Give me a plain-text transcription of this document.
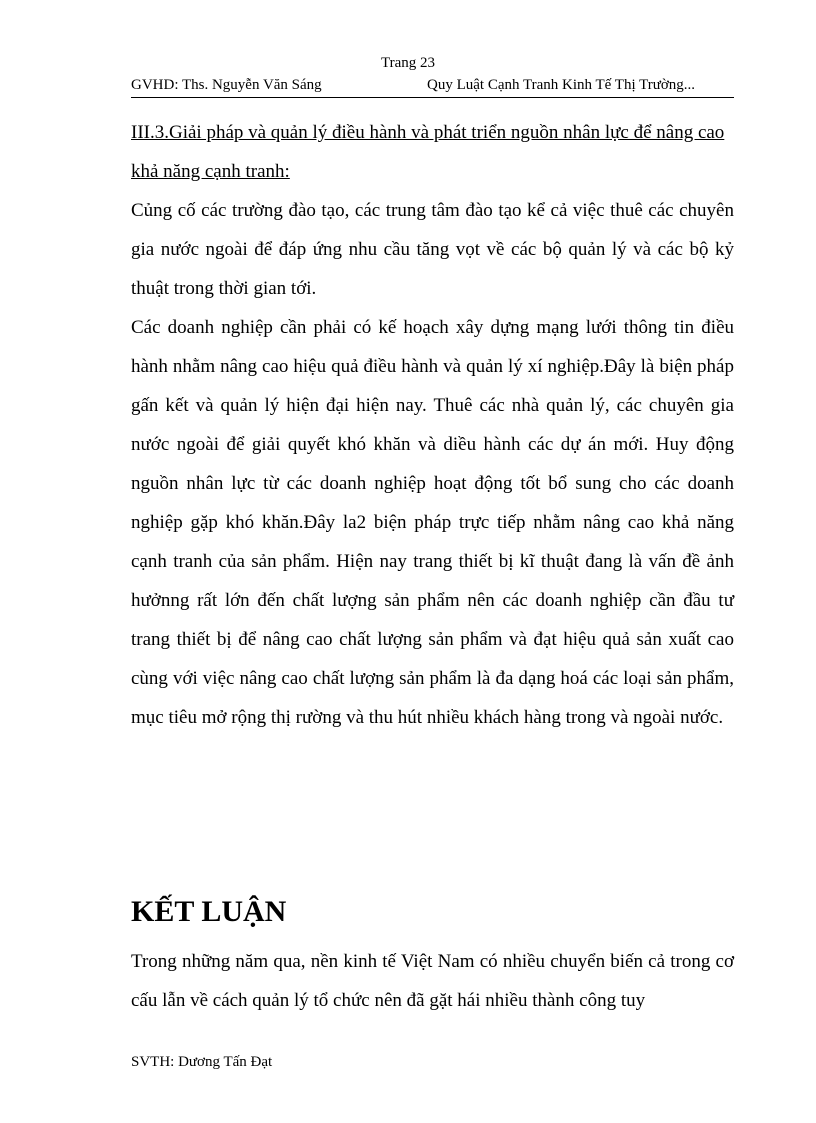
Trang 23
GVHD: Ths. Nguyễn Văn Sáng	Quy Luật Cạnh Tranh Kinh Tế Thị Trường...

III.3.Giải pháp và quản lý điều hành và phát triển nguồn nhân lực để nâng cao khả năng cạnh tranh:

Củng cố các trường đào tạo, các trung tâm đào tạo kể cả việc thuê các chuyên gia nước ngoài để đáp ứng nhu cầu tăng vọt về các bộ quản lý và các bộ kỷ thuật trong thời gian tới.

Các doanh nghiệp cần phải có kế hoạch xây dựng mạng lưới thông tin điều hành nhằm nâng cao hiệu quả điều hành và quản lý xí nghiệp.Đây là biện pháp gấn kết và quản lý hiện đại hiện nay. Thuê các nhà quản lý, các chuyên gia nước ngoài để giải quyết khó khăn và diều hành các dự án mới. Huy động nguồn nhân lực từ các doanh nghiệp hoạt động tốt bổ sung cho các doanh nghiệp gặp khó khăn.Đây la2 biện pháp trực tiếp nhằm nâng cao khả năng cạnh tranh của sản phẩm. Hiện nay trang thiết bị kĩ thuật đang là vấn đề ảnh hưởnng rất lớn đến chất lượng sản phẩm nên các doanh nghiệp cần đầu tư trang thiết bị để nâng cao chất lượng sản phẩm và đạt hiệu quả sản xuất cao cùng với việc nâng cao chất lượng sản phẩm là đa dạng hoá các loại sản phẩm, mục tiêu mở rộng thị rường và thu hút nhiều khách hàng trong và ngoài nước.

KẾT LUẬN

Trong những năm qua, nền kinh tế Việt Nam có nhiều chuyển biến cả trong cơ cấu lẫn về cách quản lý tổ chức nên đã gặt hái nhiều thành công tuy

SVTH: Dương Tấn Đạt
